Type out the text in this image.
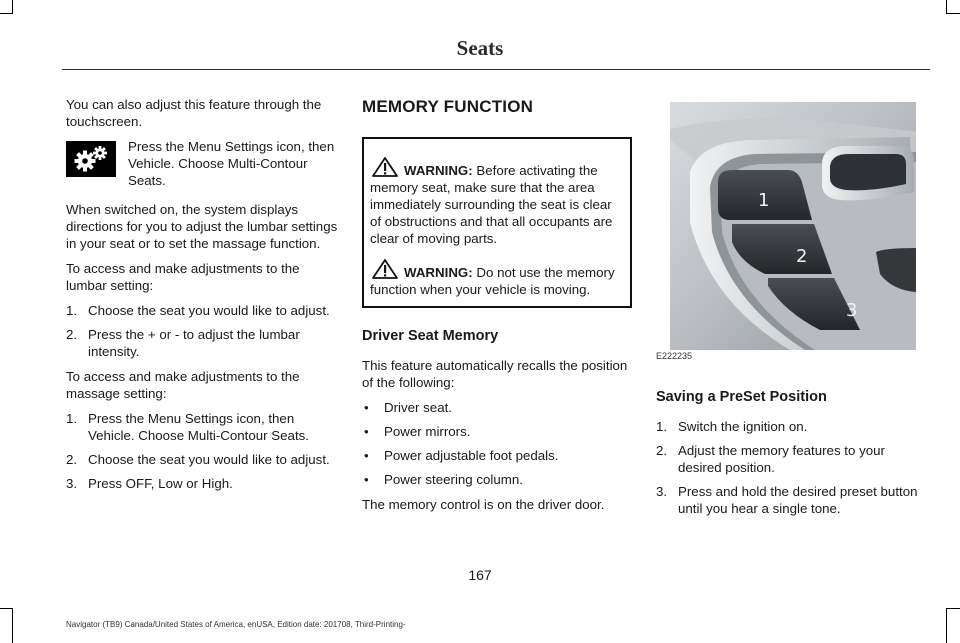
Seats

You can also adjust this feature through the touchscreen.

Press the Menu Settings icon, then Vehicle. Choose Multi-Contour Seats.

When switched on, the system displays directions for you to adjust the lumbar settings in your seat or to set the massage function.

To access and make adjustments to the lumbar setting:

1. Choose the seat you would like to adjust.
2. Press the + or - to adjust the lumbar intensity.

To access and make adjustments to the massage setting:

1. Press the Menu Settings icon, then Vehicle. Choose Multi-Contour Seats.
2. Choose the seat you would like to adjust.
3. Press OFF, Low or High.
MEMORY FUNCTION
WARNING: Before activating the memory seat, make sure that the area immediately surrounding the seat is clear of obstructions and that all occupants are clear of moving parts.
WARNING: Do not use the memory function when your vehicle is moving.
Driver Seat Memory

This feature automatically recalls the position of the following:

• Driver seat.
• Power mirrors.
• Power adjustable foot pedals.
• Power steering column.

The memory control is on the driver door.

1
2
3
E222235
Saving a PreSet Position
1. Switch the ignition on.
2. Adjust the memory features to your desired position.
3. Press and hold the desired preset button until you hear a single tone.
167
Navigator (TB9) Canada/United States of America, enUSA, Edition date: 201708, Third-Printing-
